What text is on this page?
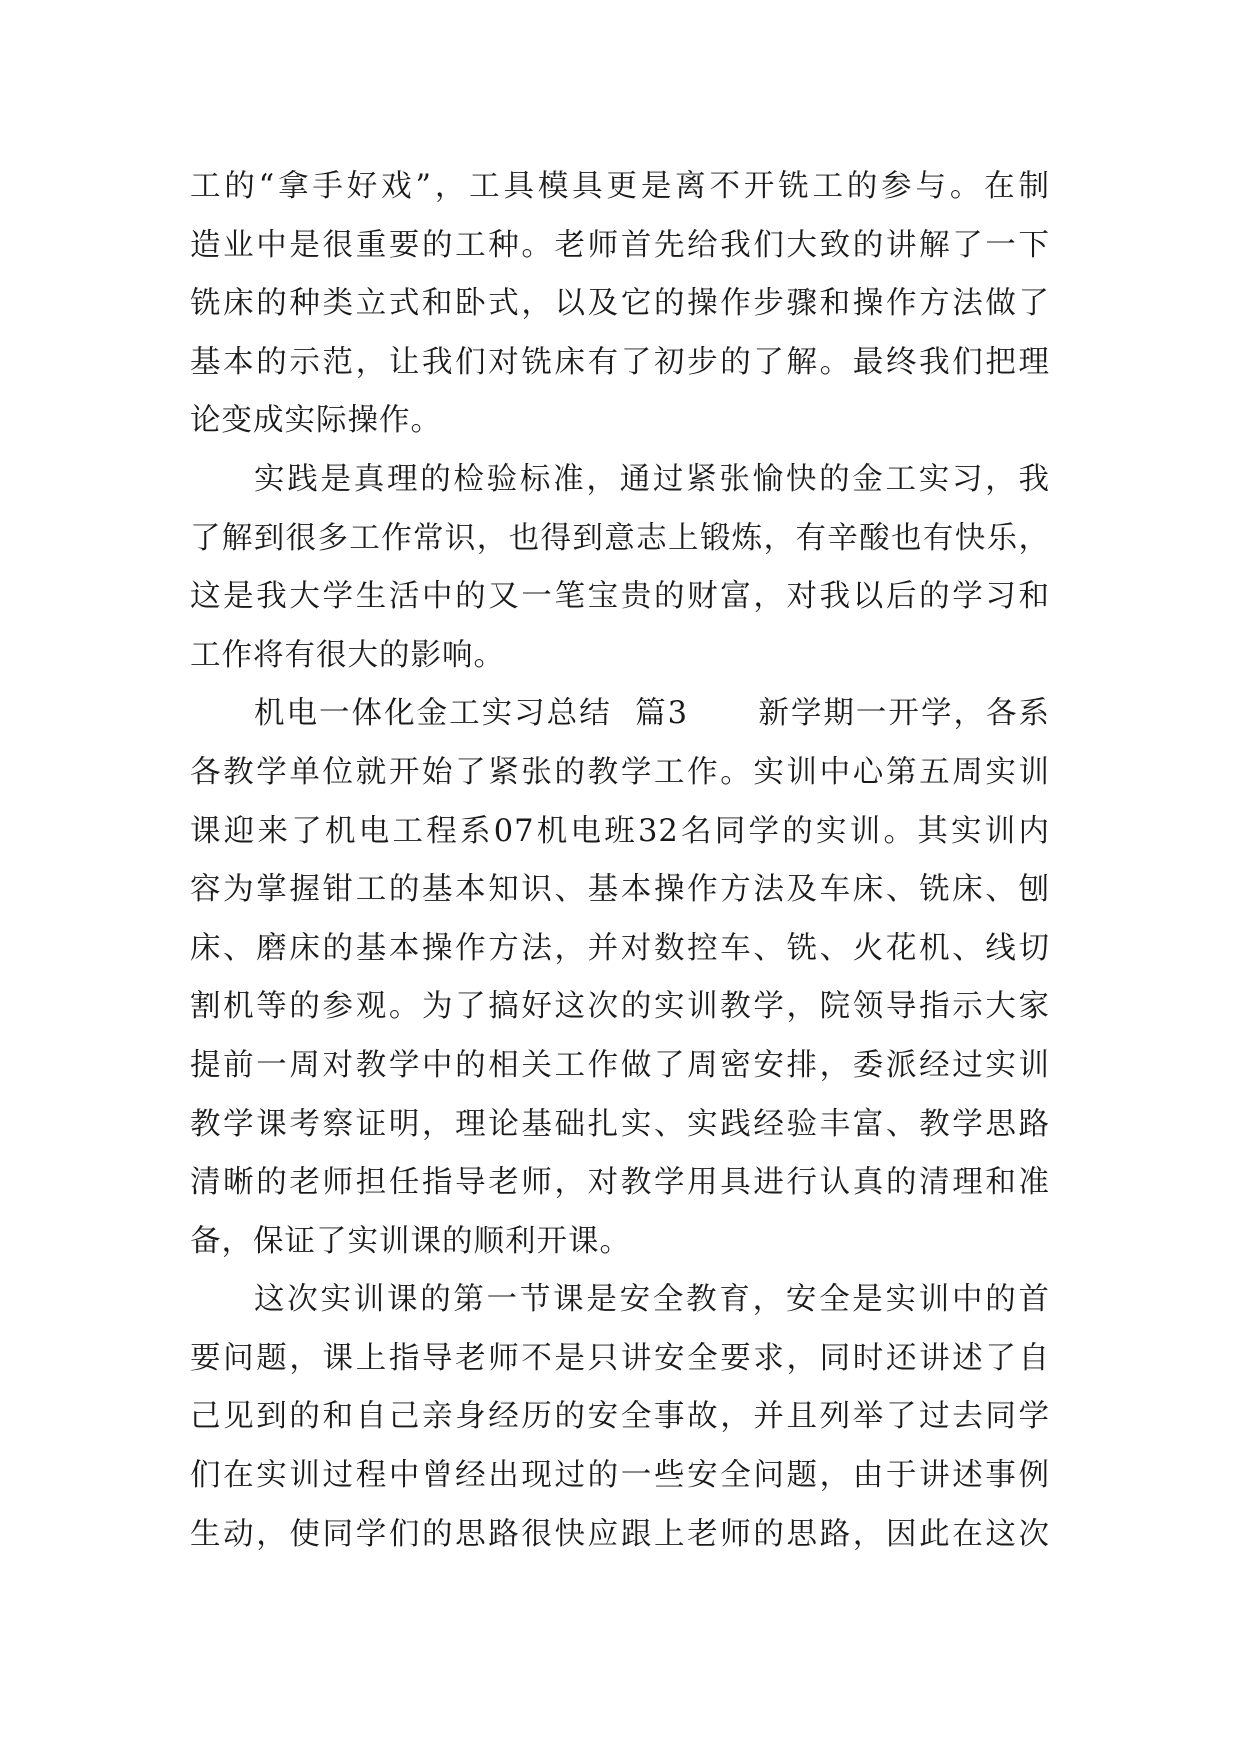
工的“拿手好戏”，工具模具更是离不开铣工的参与。在制
造业中是很重要的工种。老师首先给我们大致的讲解了一下
铣床的种类立式和卧式，以及它的操作步骤和操作方法做了
基本的示范，让我们对铣床有了初步的了解。最终我们把理
论变成实际操作。
实践是真理的检验标准，通过紧张愉快的金工实习，我
了解到很多工作常识，也得到意志上锻炼，有辛酸也有快乐，
这是我大学生活中的又一笔宝贵的财富，对我以后的学习和
工作将有很大的影响。
机电一体化金工实习总结  篇3      新学期一开学，各系
各教学单位就开始了紧张的教学工作。实训中心第五周实训
课迎来了机电工程系07机电班32名同学的实训。其实训内
容为掌握钳工的基本知识、基本操作方法及车床、铣床、刨
床、磨床的基本操作方法，并对数控车、铣、火花机、线切
割机等的参观。为了搞好这次的实训教学，院领导指示大家
提前一周对教学中的相关工作做了周密安排，委派经过实训
教学课考察证明，理论基础扎实、实践经验丰富、教学思路
清晰的老师担任指导老师，对教学用具进行认真的清理和准
备，保证了实训课的顺利开课。
这次实训课的第一节课是安全教育，安全是实训中的首
要问题，课上指导老师不是只讲安全要求，同时还讲述了自
己见到的和自己亲身经历的安全事故，并且列举了过去同学
们在实训过程中曾经出现过的一些安全问题，由于讲述事例
生动，使同学们的思路很快应跟上老师的思路，因此在这次
